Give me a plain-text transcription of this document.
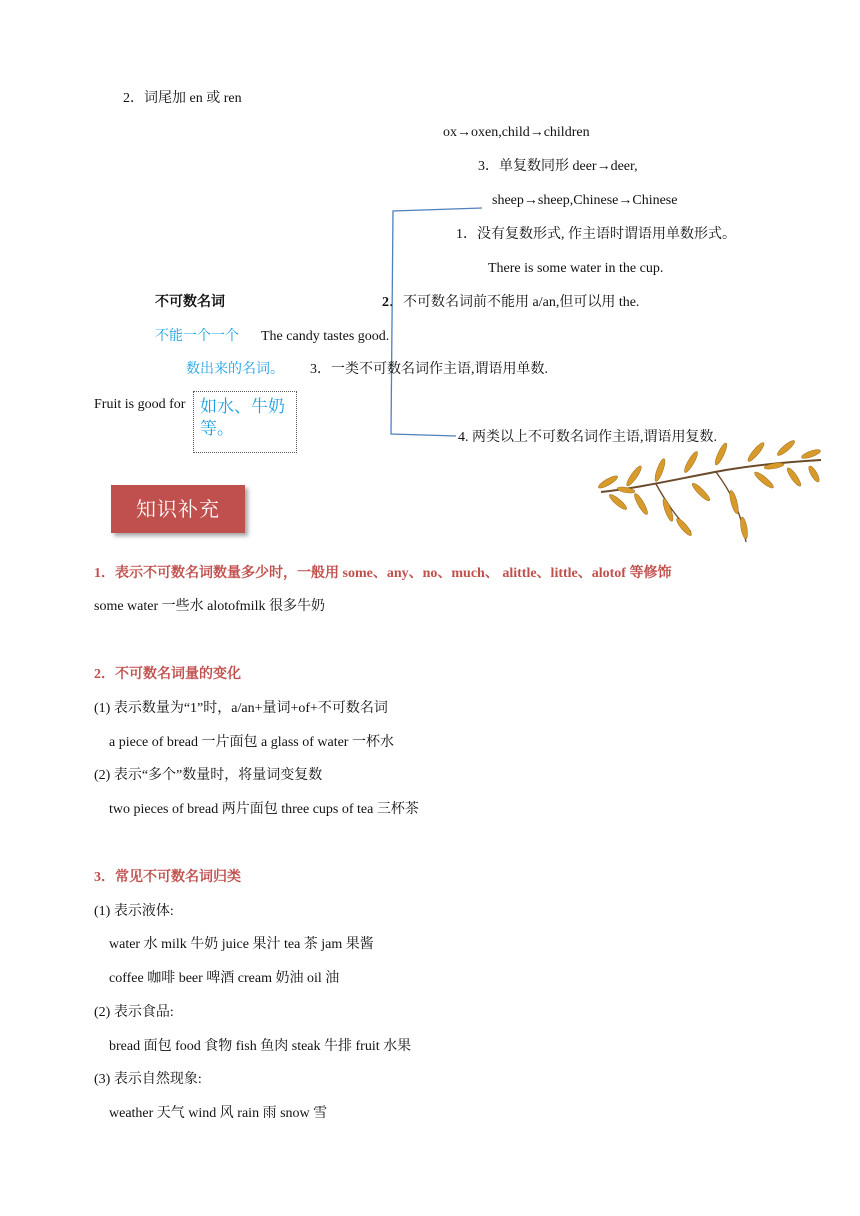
2．词尾加 en 或 ren
ox→oxen,child→children
3．单复数同形 deer→deer,
sheep→sheep,Chinese→Chinese
1．没有复数形式, 作主语时谓语用单数形式。
There is some water in the cup.
不可数名词	2．不可数名词前不能用 a/an,但可以用 the.
不能一个一个 The candy tastes good.
数出来的名词。 3．一类不可数名词作主语,谓语用单数.
Fruit is good for 如水、牛奶等。	4. 两类以上不可数名词作主语,谓语用复数.
知识补充
1．表示不可数名词数量多少时，一般用 some、any、no、much、 alittle、little、alotof 等修饰
some water 一些水 alotofmilk 很多牛奶
2．不可数名词量的变化
(1) 表示数量为“1”时，a/an+量词+of+不可数名词
a piece of bread 一片面包 a glass of water 一杯水
(2) 表示“多个”数量时，将量词变复数
two pieces of bread 两片面包 three cups of tea 三杯茶
3．常见不可数名词归类
(1) 表示液体:
water 水 milk 牛奶 juice 果汁 tea 茶 jam 果酱
coffee 咖啡 beer 啤酒 cream 奶油 oil 油
(2) 表示食品:
bread 面包 food 食物 fish 鱼肉 steak 牛排 fruit 水果
(3) 表示自然现象:
weather 天气 wind 风 rain 雨 snow 雪
